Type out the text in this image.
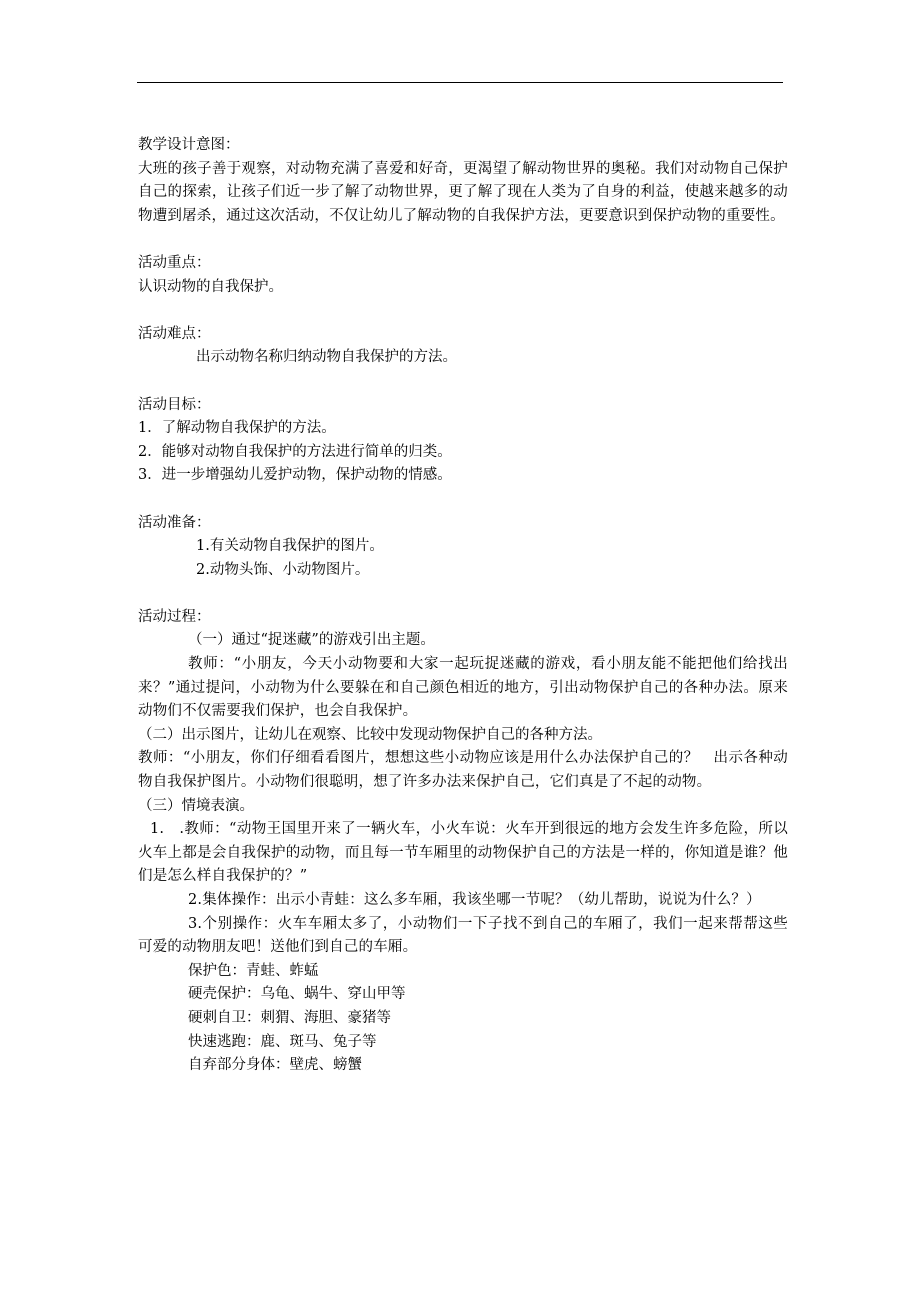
教学设计意图：
大班的孩子善于观察，对动物充满了喜爱和好奇，更渴望了解动物世界的奥秘。我们对动物自己保护自己的探索，让孩子们近一步了解了动物世界，更了解了现在人类为了自身的利益，使越来越多的动物遭到屠杀，通过这次活动，不仅让幼儿了解动物的自我保护方法，更要意识到保护动物的重要性。
活动重点：
认识动物的自我保护。
活动难点：
出示动物名称归纳动物自我保护的方法。
活动目标：
1．了解动物自我保护的方法。
2．能够对动物自我保护的方法进行简单的归类。
3．进一步增强幼儿爱护动物，保护动物的情感。
活动准备：
1.有关动物自我保护的图片。
2.动物头饰、小动物图片。
活动过程：
（一）通过“捉迷藏”的游戏引出主题。
教师：“小朋友，今天小动物要和大家一起玩捉迷藏的游戏，看小朋友能不能把他们给找出来？”通过提问，小动物为什么要躲在和自己颜色相近的地方，引出动物保护自己的各种办法。原来动物们不仅需要我们保护，也会自我保护。
（二）出示图片，让幼儿在观察、比较中发现动物保护自己的各种方法。
教师：“小朋友，你们仔细看看图片，想想这些小动物应该是用什么办法保护自己的？　出示各种动物自我保护图片。小动物们很聪明，想了许多办法来保护自己，它们真是了不起的动物。
（三）情境表演。
1.　.教师：“动物王国里开来了一辆火车，小火车说：火车开到很远的地方会发生许多危险，所以火车上都是会自我保护的动物，而且每一节车厢里的动物保护自己的方法是一样的，你知道是谁？他们是怎么样自我保护的？”
2.集体操作：出示小青蛙：这么多车厢，我该坐哪一节呢？（幼儿帮助，说说为什么？）
3.个别操作：火车车厢太多了，小动物们一下子找不到自己的车厢了，我们一起来帮帮这些可爱的动物朋友吧！送他们到自己的车厢。
保护色：青蛙、蚱蜢
硬壳保护：乌龟、蜗牛、穿山甲等
硬刺自卫：刺猬、海胆、豪猪等
快速逃跑：鹿、斑马、兔子等
自弃部分身体：壁虎、螃蟹
